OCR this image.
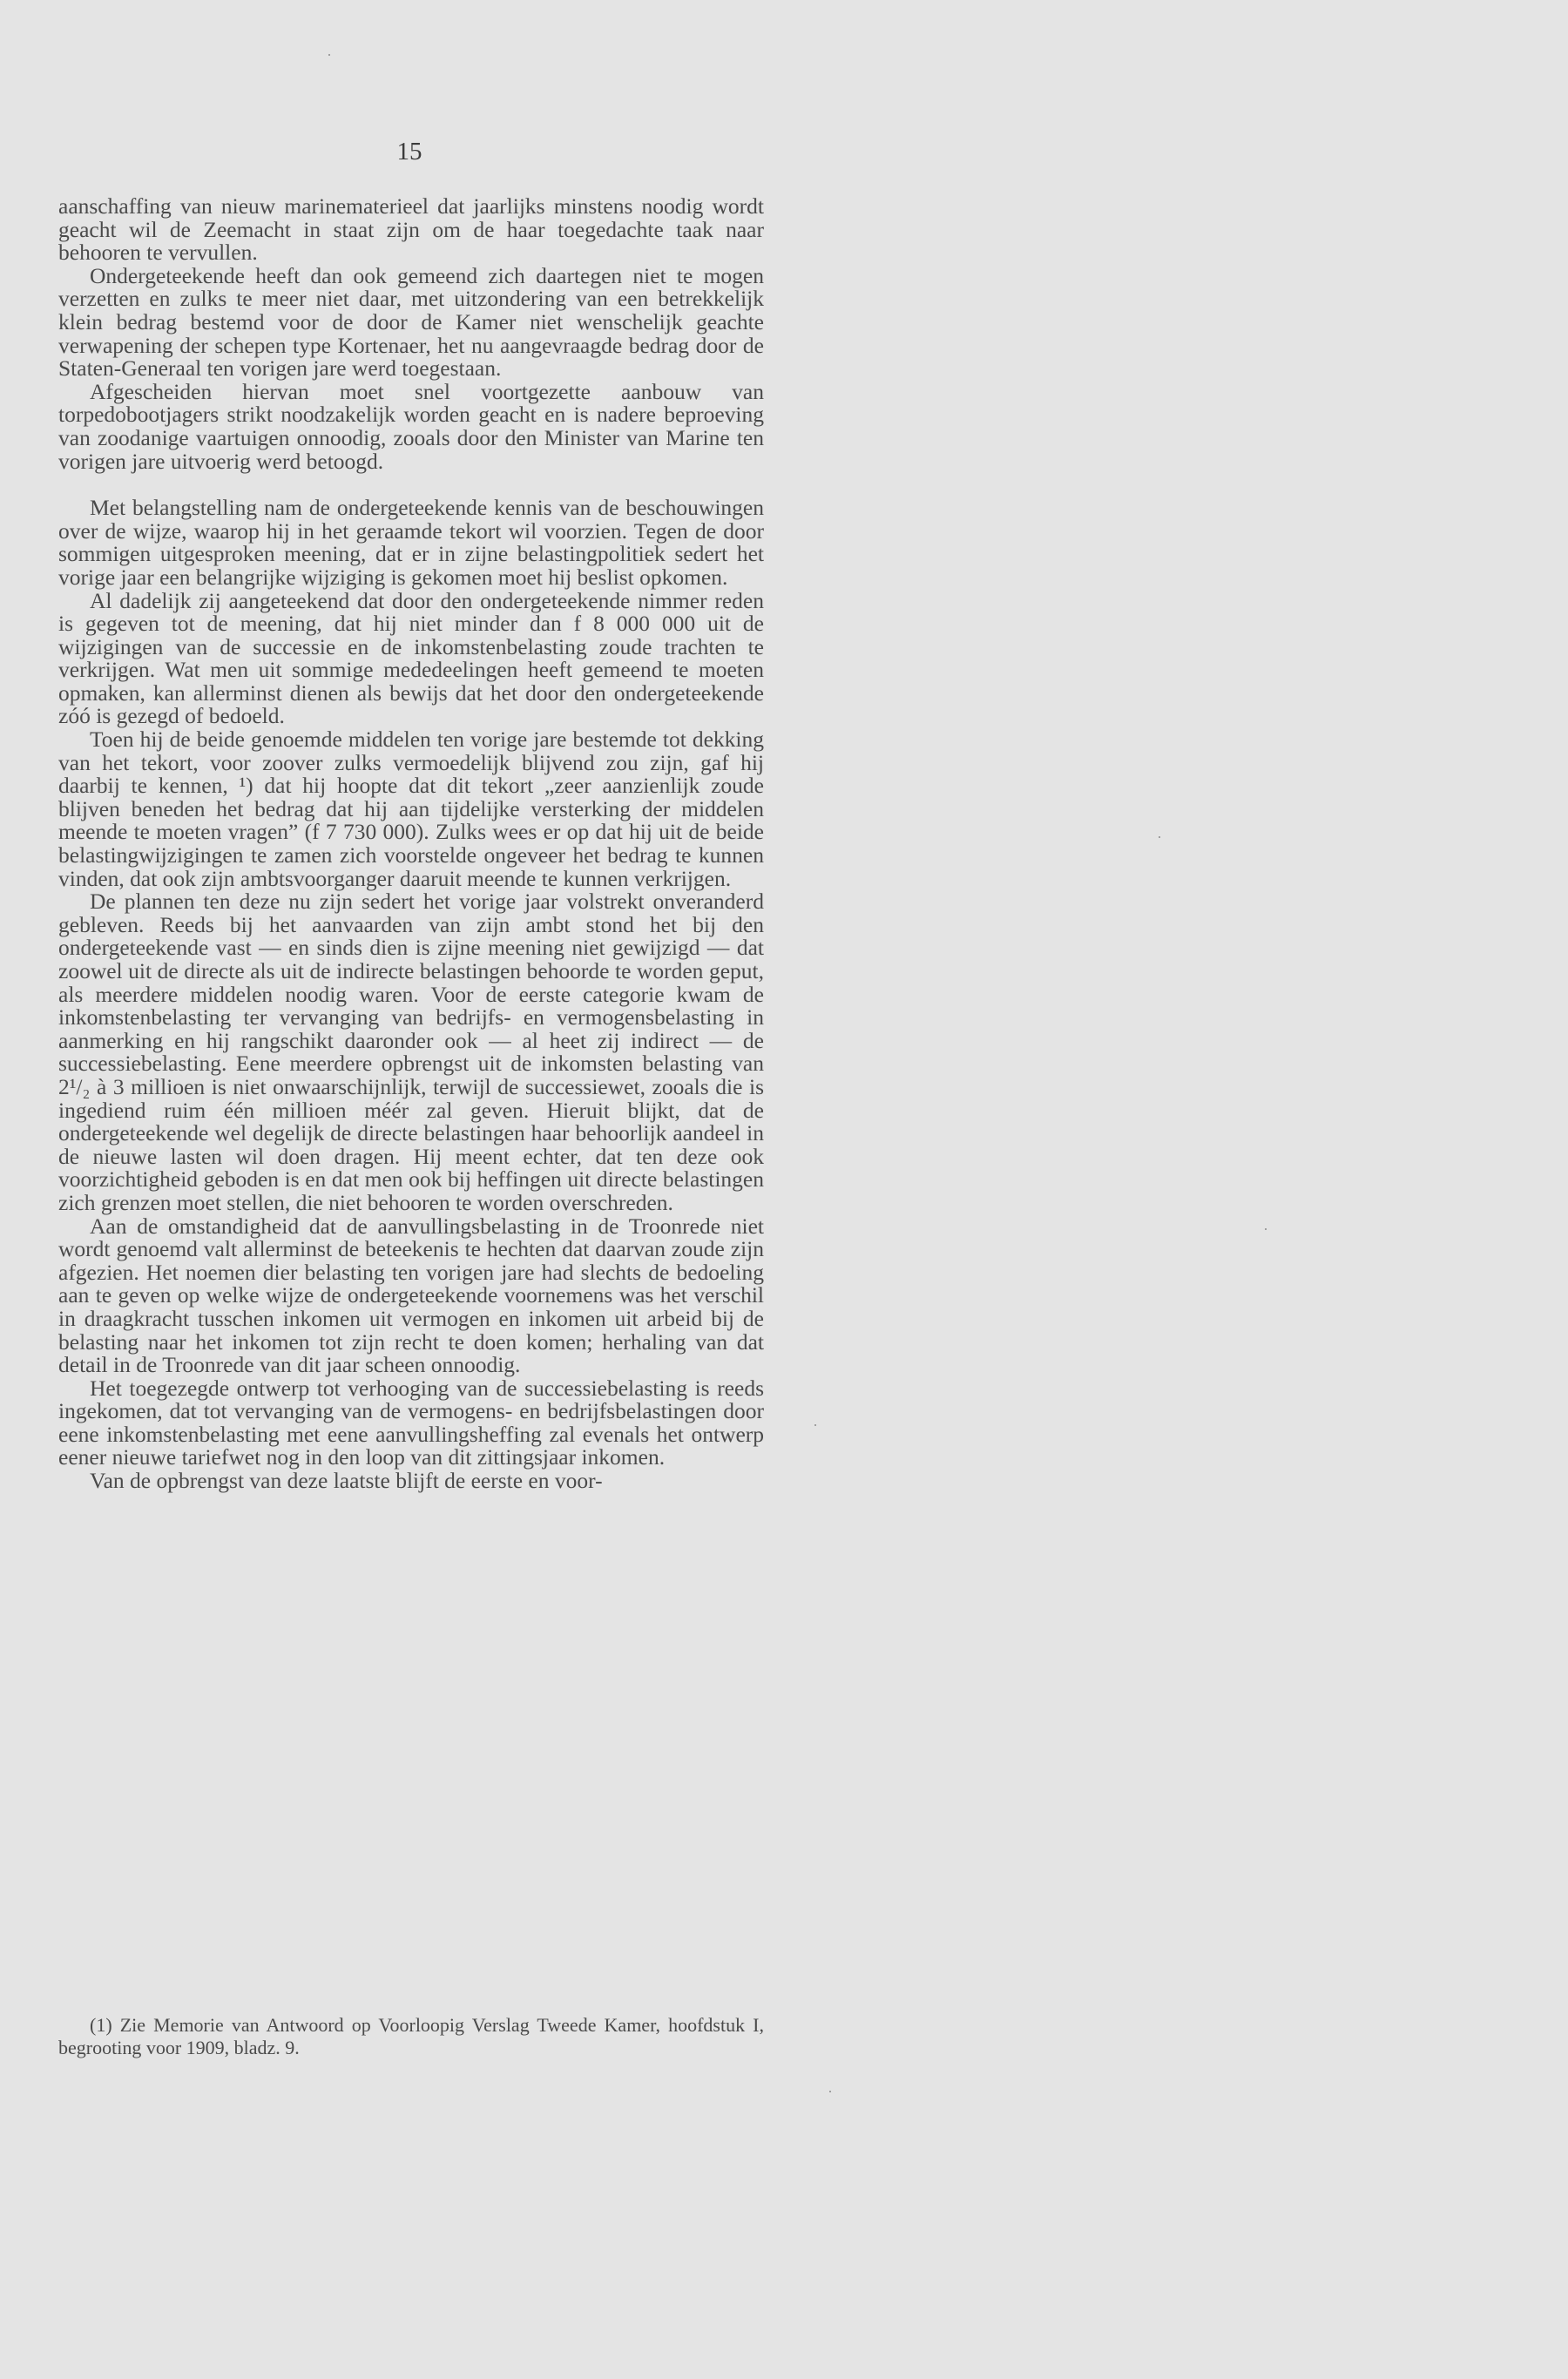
15

aanschaffing van nieuw marinematerieel dat jaarlijks minstens noodig wordt geacht wil de Zeemacht in staat zijn om de haar toegedachte taak naar behooren te vervullen.

Ondergeteekende heeft dan ook gemeend zich daartegen niet te mogen verzetten en zulks te meer niet daar, met uitzondering van een betrekkelijk klein bedrag bestemd voor de door de Kamer niet wenschelijk geachte verwapening der schepen type Kortenaer, het nu aangevraagde bedrag door de Staten-Generaal ten vorigen jare werd toegestaan.

Afgescheiden hiervan moet snel voortgezette aanbouw van torpedobootjagers strikt noodzakelijk worden geacht en is nadere beproeving van zoodanige vaartuigen onnoodig, zooals door den Minister van Marine ten vorigen jare uitvoerig werd betoogd.

Met belangstelling nam de ondergeteekende kennis van de beschouwingen over de wijze, waarop hij in het geraamde tekort wil voorzien. Tegen de door sommigen uitgesproken meening, dat er in zijne belastingpolitiek sedert het vorige jaar een belangrijke wijziging is gekomen moet hij beslist opkomen.

Al dadelijk zij aangeteekend dat door den ondergeteekende nimmer reden is gegeven tot de meening, dat hij niet minder dan f 8 000 000 uit de wijzigingen van de successie en de inkomstenbelasting zoude trachten te verkrijgen. Wat men uit sommige mededeelingen heeft gemeend te moeten opmaken, kan allerminst dienen als bewijs dat het door den ondergeteekende zóó is gezegd of bedoeld.

Toen hij de beide genoemde middelen ten vorige jare bestemde tot dekking van het tekort, voor zoover zulks vermoedelijk blijvend zou zijn, gaf hij daarbij te kennen, ¹) dat hij hoopte dat dit tekort „zeer aanzienlijk zoude blijven beneden het bedrag dat hij aan tijdelijke versterking der middelen meende te moeten vragen” (f 7 730 000). Zulks wees er op dat hij uit de beide belastingwijzigingen te zamen zich voorstelde ongeveer het bedrag te kunnen vinden, dat ook zijn ambtsvoorganger daaruit meende te kunnen verkrijgen.

De plannen ten deze nu zijn sedert het vorige jaar volstrekt onveranderd gebleven. Reeds bij het aanvaarden van zijn ambt stond het bij den ondergeteekende vast — en sinds dien is zijne meening niet gewijzigd — dat zoowel uit de directe als uit de indirecte belastingen behoorde te worden geput, als meerdere middelen noodig waren. Voor de eerste categorie kwam de inkomstenbelasting ter vervanging van bedrijfs- en vermogensbelasting in aanmerking en hij rangschikt daaronder ook — al heet zij indirect — de successiebelasting. Eene meerdere opbrengst uit de inkomsten belasting van 2¹/₂ à 3 millioen is niet onwaarschijnlijk, terwijl de successiewet, zooals die is ingediend ruim één millioen méér zal geven. Hieruit blijkt, dat de ondergeteekende wel degelijk de directe belastingen haar behoorlijk aandeel in de nieuwe lasten wil doen dragen. Hij meent echter, dat ten deze ook voorzichtigheid geboden is en dat men ook bij heffingen uit directe belastingen zich grenzen moet stellen, die niet behooren te worden overschreden.

Aan de omstandigheid dat de aanvullingsbelasting in de Troonrede niet wordt genoemd valt allerminst de beteekenis te hechten dat daarvan zoude zijn afgezien. Het noemen dier belasting ten vorigen jare had slechts de bedoeling aan te geven op welke wijze de ondergeteekende voornemens was het verschil in draagkracht tusschen inkomen uit vermogen en inkomen uit arbeid bij de belasting naar het inkomen tot zijn recht te doen komen; herhaling van dat detail in de Troonrede van dit jaar scheen onnoodig.

Het toegezegde ontwerp tot verhooging van de successiebelasting is reeds ingekomen, dat tot vervanging van de vermogens- en bedrijfsbelastingen door eene inkomstenbelasting met eene aanvullingsheffing zal evenals het ontwerp eener nieuwe tariefwet nog in den loop van dit zittingsjaar inkomen.

Van de opbrengst van deze laatste blijft de eerste en voor-

(1) Zie Memorie van Antwoord op Voorloopig Verslag Tweede Kamer, hoofdstuk I, begrooting voor 1909, bladz. 9.
